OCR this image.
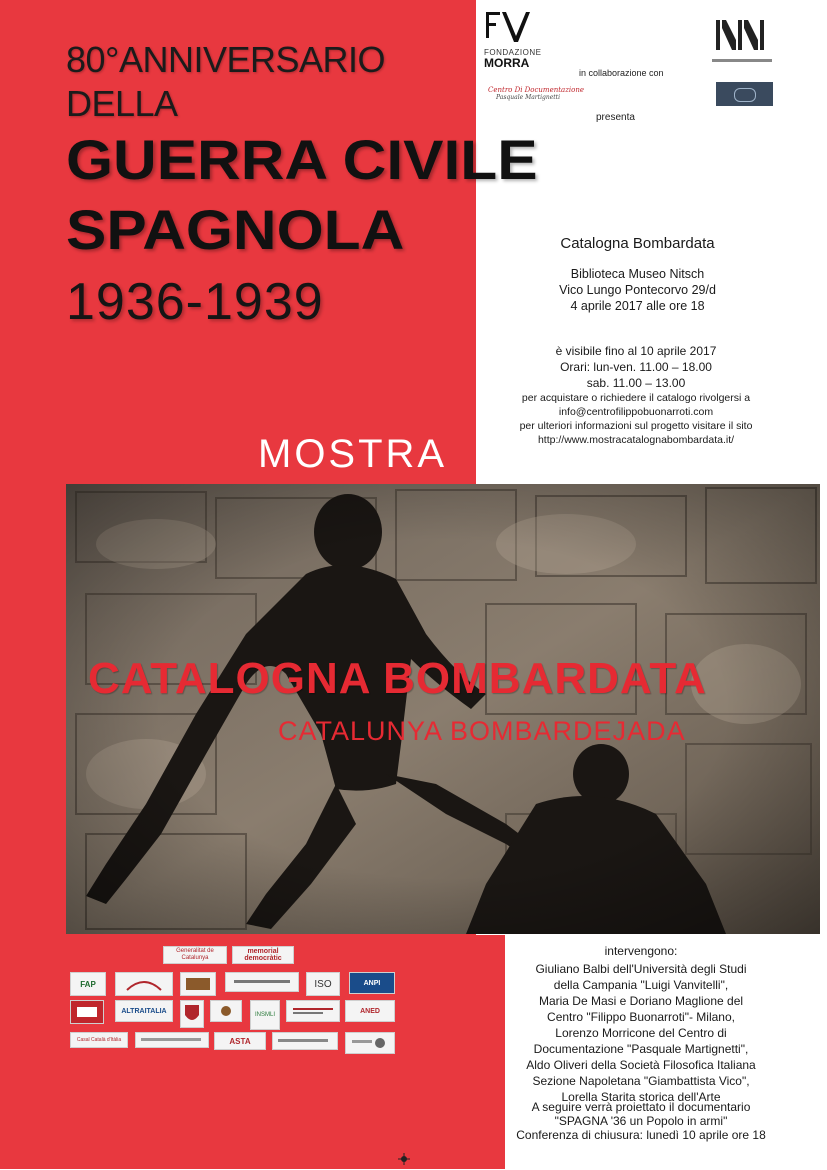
80°ANNIVERSARIO
DELLA
GUERRA CIVILE
SPAGNOLA
1936-1939
MOSTRA
FONDAZIONE
MORRA
in collaborazione con
Centro Di Documentazione
Pasquale Martignetti
presenta
Catalogna Bombardata
Biblioteca Museo Nitsch
Vico Lungo Pontecorvo 29/d
4 aprile 2017 alle ore 18
è visibile fino al 10 aprile 2017
Orari: lun-ven. 11.00 – 18.00
sab. 11.00 – 13.00
per acquistare o richiedere il catalogo rivolgersi a
info@centrofilippobuonarroti.com
per ulteriori informazioni sul progetto visitare il sito
http://www.mostracatalognabombardata.it/
CATALOGNA BOMBARDATA
CATALUNYA BOMBARDEJADA
Generalitat de Catalunya
memorial democràtic
FAP	ISO	ANPI
ALTRAITALIA	INSMLI	ANED
Casal Català d'Itàlia	ASTA
intervengono:
Giuliano Balbi dell'Università degli Studi
della Campania "Luigi Vanvitelli",
Maria De Masi e Doriano Maglione del
Centro "Filippo Buonarroti"- Milano,
Lorenzo Morricone del Centro di
Documentazione "Pasquale Martignetti",
Aldo Oliveri della Società Filosofica Italiana
Sezione Napoletana "Giambattista Vico",
Lorella Starita storica dell'Arte
A seguire verrà proiettato il documentario
"SPAGNA '36 un Popolo in armi"
Conferenza di chiusura: lunedì 10 aprile ore 18
